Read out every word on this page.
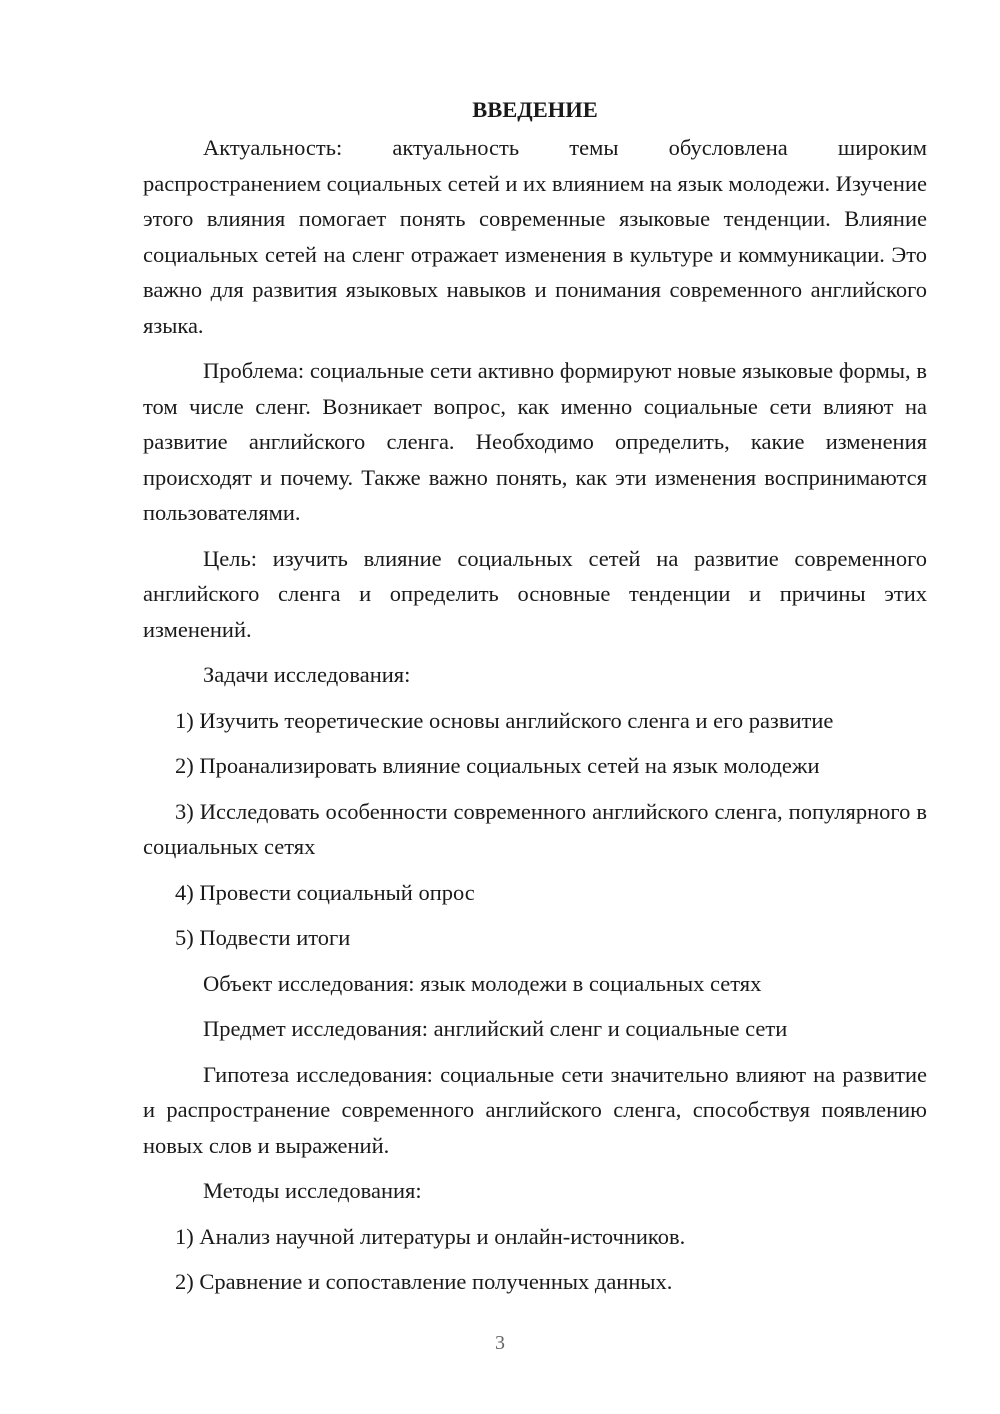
ВВЕДЕНИЕ

Актуальность: актуальность темы обусловлена широким распространением социальных сетей и их влиянием на язык молодежи. Изучение этого влияния помогает понять современные языковые тенденции. Влияние социальных сетей на сленг отражает изменения в культуре и коммуникации. Это важно для развития языковых навыков и понимания современного английского языка.

Проблема: социальные сети активно формируют новые языковые формы, в том числе сленг. Возникает вопрос, как именно социальные сети влияют на развитие английского сленга. Необходимо определить, какие изменения происходят и почему. Также важно понять, как эти изменения воспринимаются пользователями.

Цель: изучить влияние социальных сетей на развитие современного английского сленга и определить основные тенденции и причины этих изменений.

Задачи исследования:

1) Изучить теоретические основы английского сленга и его развитие

2) Проанализировать влияние социальных сетей на язык молодежи

3) Исследовать особенности современного английского сленга, популярного в социальных сетях

4) Провести социальный опрос

5) Подвести итоги

Объект исследования: язык молодежи в социальных сетях

Предмет исследования: английский сленг и социальные сети

Гипотеза исследования: социальные сети значительно влияют на развитие и распространение современного английского сленга, способствуя появлению новых слов и выражений.

Методы исследования:

1) Анализ научной литературы и онлайн-источников.

2) Сравнение и сопоставление полученных данных.

3
